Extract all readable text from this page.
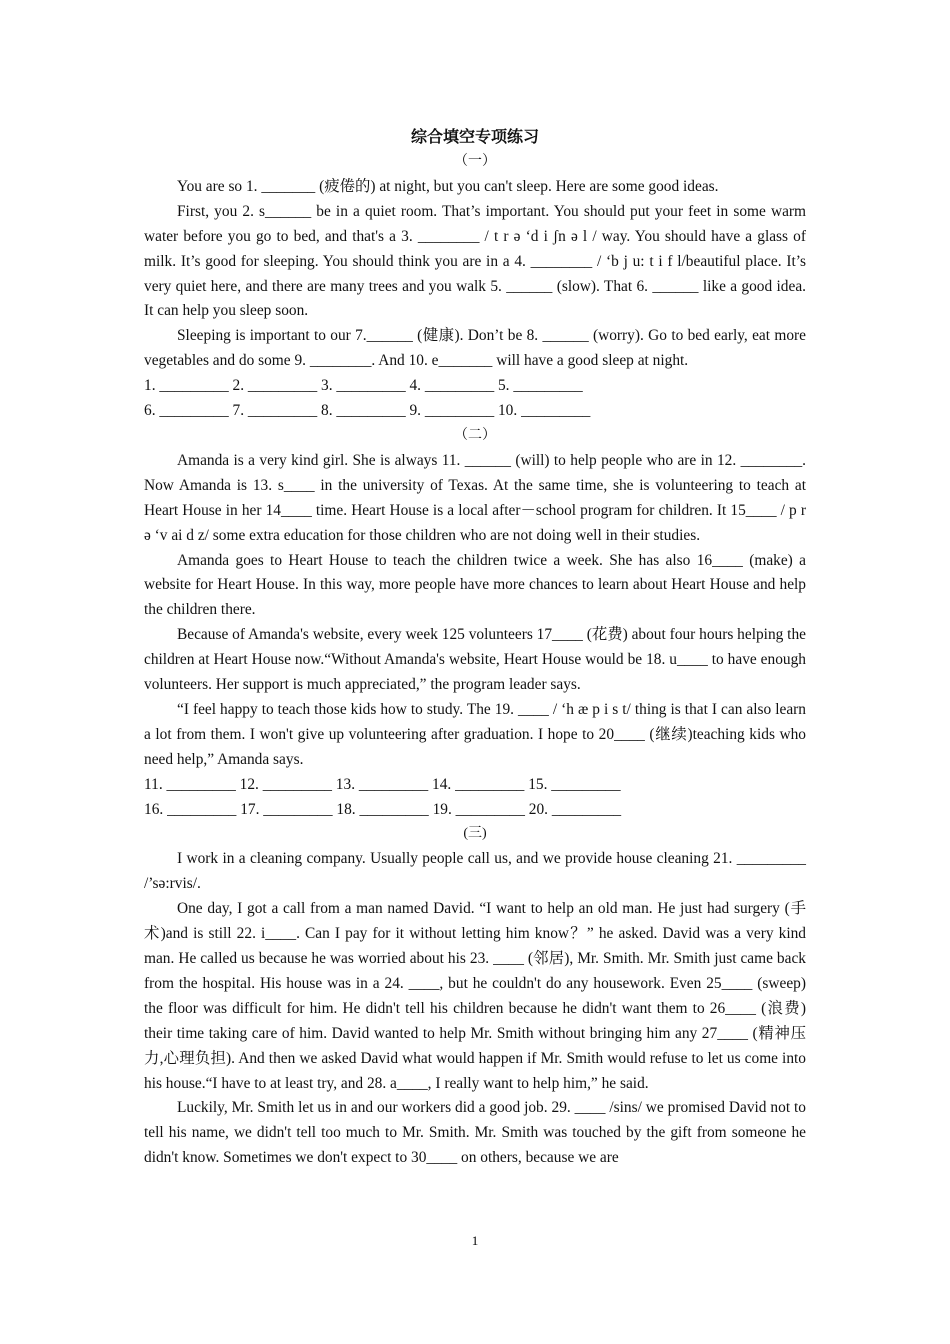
综合填空专项练习
（一）

You are so 1. _______ (疲倦的) at night, but you can't sleep. Here are some good ideas.

First, you 2. s______ be in a quiet room. That’s important. You should put your feet in some warm water before you go to bed, and that's a 3. ________ / t r ə ‘d i ʃn ə l / way. You should have a glass of milk. It’s good for sleeping. You should think you are in a 4. ________ / ‘b j u: t i f l/beautiful place. It’s very quiet here, and there are many trees and you walk 5. ______ (slow). That 6. ______ like a good idea. It can help you sleep soon.

Sleeping is important to our 7.______ (健康). Don’t be 8. ______ (worry). Go to bed early, eat more vegetables and do some 9. ________. And 10. e_______ will have a good sleep at night.

1. _________ 2. _________ 3. _________ 4. _________ 5. _________

6. _________ 7. _________ 8. _________ 9. _________ 10. _________

（二）

Amanda is a very kind girl. She is always 11. ______ (will) to help people who are in 12. ________. Now Amanda is 13. s____ in the university of Texas. At the same time, she is volunteering to teach at Heart House in her 14____ time. Heart House is a local after－school program for children. It 15____ / p r ə ‘v ai d z/ some extra education for those children who are not doing well in their studies.

Amanda goes to Heart House to teach the children twice a week. She has also 16____ (make) a website for Heart House. In this way, more people have more chances to learn about Heart House and help the children there.

Because of Amanda's website, every week 125 volunteers 17____ (花费) about four hours helping the children at Heart House now.“Without Amanda's website, Heart House would be 18. u____ to have enough volunteers. Her support is much appreciated,” the program leader says.

“I feel happy to teach those kids how to study. The 19. ____ / ‘h æ p i s t/ thing is that I can also learn a lot from them. I won't give up volunteering after graduation. I hope to 20____ (继续)teaching kids who need help,” Amanda says.

11. _________ 12. _________ 13. _________ 14. _________ 15. _________

16. _________ 17. _________ 18. _________ 19. _________ 20. _________

(三)

I work in a cleaning company. Usually people call us, and we provide house cleaning 21. _________ /’sə:rvis/.

One day, I got a call from a man named David. “I want to help an old man. He just had surgery (手术)and is still 22. i____. Can I pay for it without letting him know？” he asked. David was a very kind man. He called us because he was worried about his 23. ____ (邻居), Mr. Smith. Mr. Smith just came back from the hospital. His house was in a 24. ____, but he couldn't do any housework. Even 25____ (sweep) the floor was difficult for him. He didn't tell his children because he didn't want them to 26____ (浪费) their time taking care of him. David wanted to help Mr. Smith without bringing him any 27____ (精神压力,心理负担). And then we asked David what would happen if Mr. Smith would refuse to let us come into his house.“I have to at least try, and 28. a____, I really want to help him,” he said.

Luckily, Mr. Smith let us in and our workers did a good job. 29. ____ /sins/ we promised David not to tell his name, we didn't tell too much to Mr. Smith. Mr. Smith was touched by the gift from someone he didn't know. Sometimes we don't expect to 30____ on others, because we are

1
